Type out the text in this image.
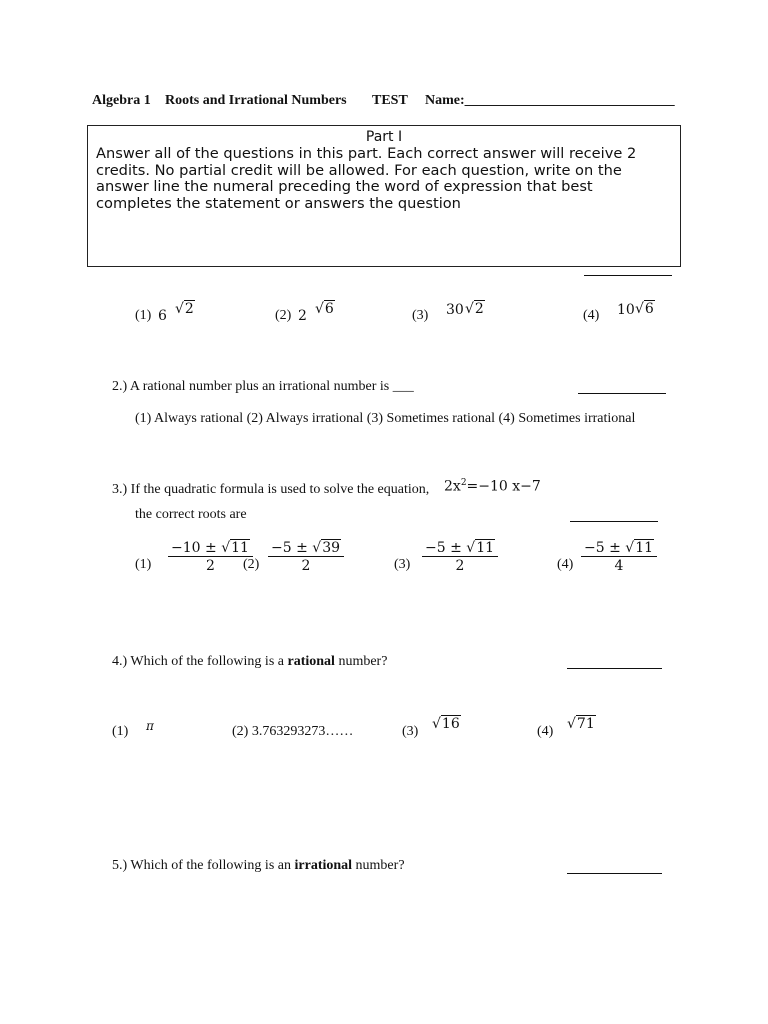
Algebra 1 Roots and Irrational Numbers TEST Name:______________________________
Part I
Answer all of the questions in this part. Each correct answer will receive 2 credits. No partial credit will be allowed. For each question, write on the answer line the numeral preceding the word of expression that best completes the statement or answers the question
(1) 6 √2	(2) 2 √6	(3) 30 √2	(4) 10 √6
2.) A rational number plus an irrational number is ___
(1) Always rational (2) Always irrational (3) Sometimes rational (4) Sometimes irrational
3.) If the quadratic formula is used to solve the equation, $2x^2=-10$ x−7
the correct roots are
$(1) \frac{-10 \pm √11}{2}$
$(2) \frac{-5 \pm √39}{2}$	$(3) \frac{-5 \pm √11}{2}$	$(4) \frac{-5 \pm √11}{4}$
4.) Which of the following is a rational number?
(1) π	(2) 3.763293273……	(3) √16	(4) √71
5.) Which of the following is an irrational number?
